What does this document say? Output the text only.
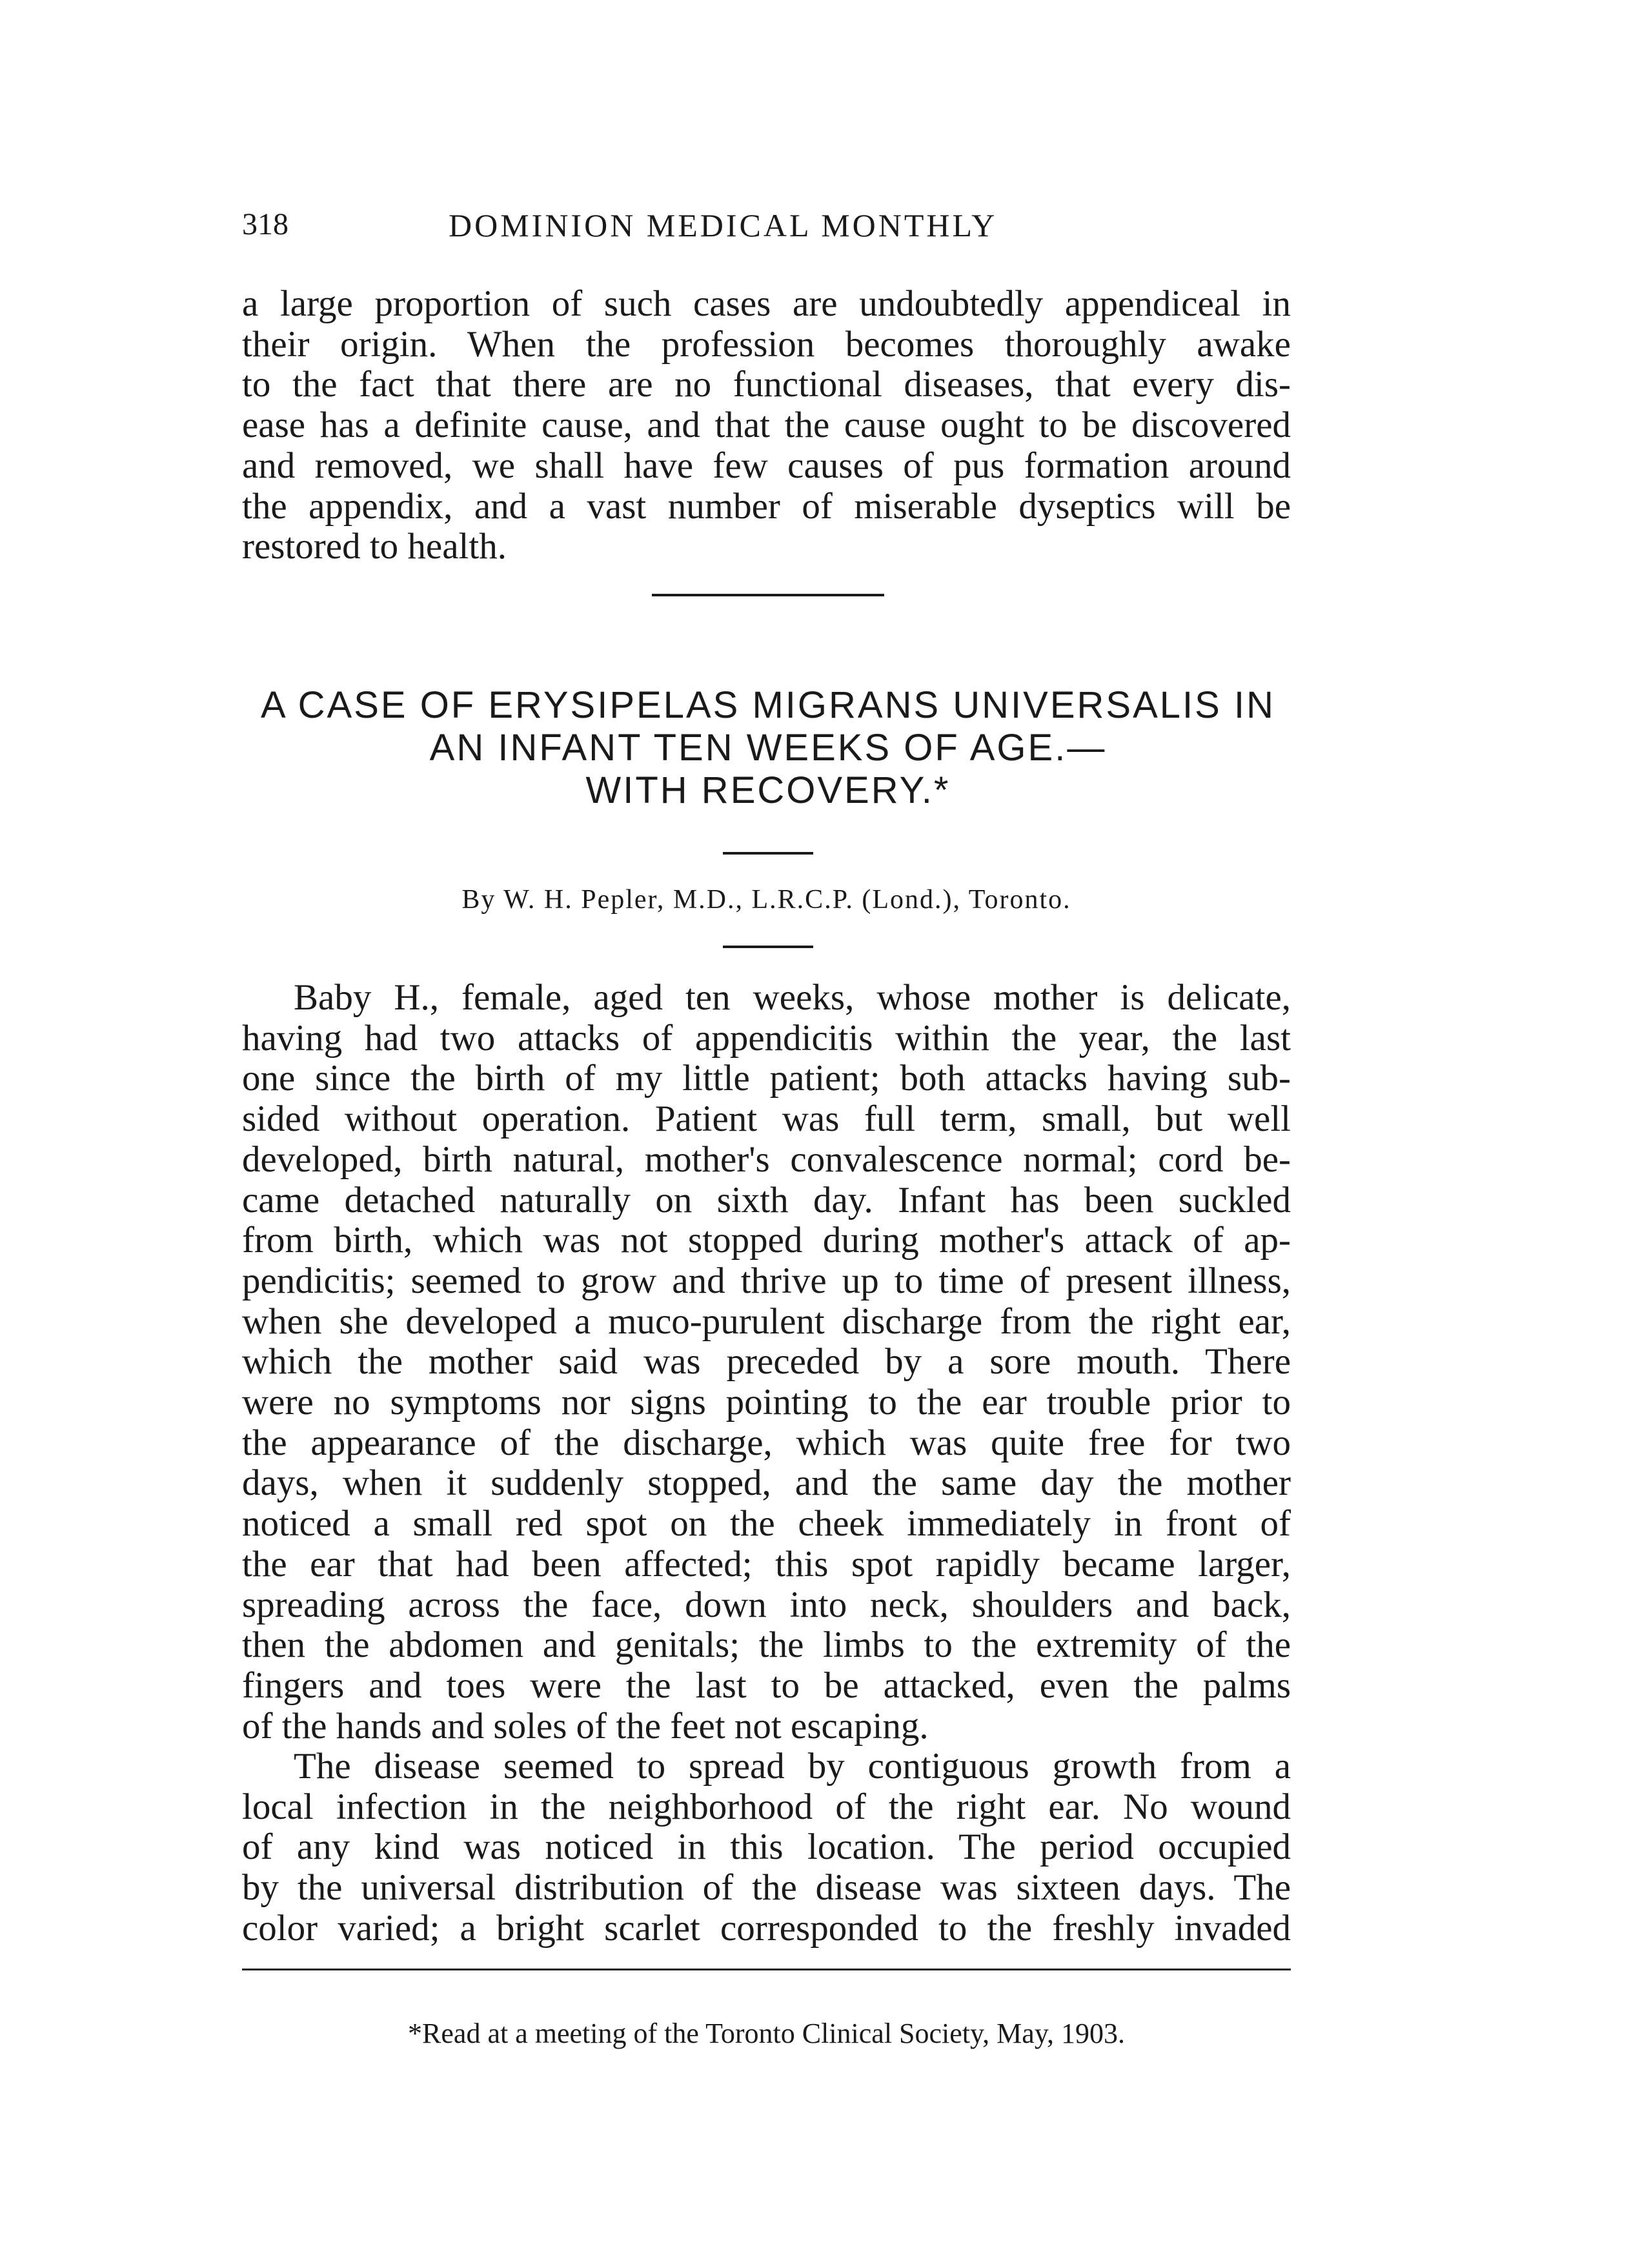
318	DOMINION MEDICAL MONTHLY
a large proportion of such cases are undoubtedly appendiceal in
their origin. When the profession becomes thoroughly awake
to the fact that there are no functional diseases, that every dis-
ease has a definite cause, and that the cause ought to be discovered
and removed, we shall have few causes of pus formation around
the appendix, and a vast number of miserable dyseptics will be
restored to health.
A CASE OF ERYSIPELAS MIGRANS UNIVERSALIS IN
AN INFANT TEN WEEKS OF AGE.—
WITH RECOVERY.*
By W. H. Pepler, M.D., L.R.C.P. (Lond.), Toronto.
Baby H., female, aged ten weeks, whose mother is delicate,
having had two attacks of appendicitis within the year, the last
one since the birth of my little patient; both attacks having sub-
sided without operation. Patient was full term, small, but well
developed, birth natural, mother's convalescence normal; cord be-
came detached naturally on sixth day. Infant has been suckled
from birth, which was not stopped during mother's attack of ap-
pendicitis; seemed to grow and thrive up to time of present illness,
when she developed a muco-purulent discharge from the right ear,
which the mother said was preceded by a sore mouth. There
were no symptoms nor signs pointing to the ear trouble prior to
the appearance of the discharge, which was quite free for two
days, when it suddenly stopped, and the same day the mother
noticed a small red spot on the cheek immediately in front of
the ear that had been affected; this spot rapidly became larger,
spreading across the face, down into neck, shoulders and back,
then the abdomen and genitals; the limbs to the extremity of the
fingers and toes were the last to be attacked, even the palms
of the hands and soles of the feet not escaping.
The disease seemed to spread by contiguous growth from a
local infection in the neighborhood of the right ear. No wound
of any kind was noticed in this location. The period occupied
by the universal distribution of the disease was sixteen days. The
color varied; a bright scarlet corresponded to the freshly invaded
*Read at a meeting of the Toronto Clinical Society, May, 1903.
